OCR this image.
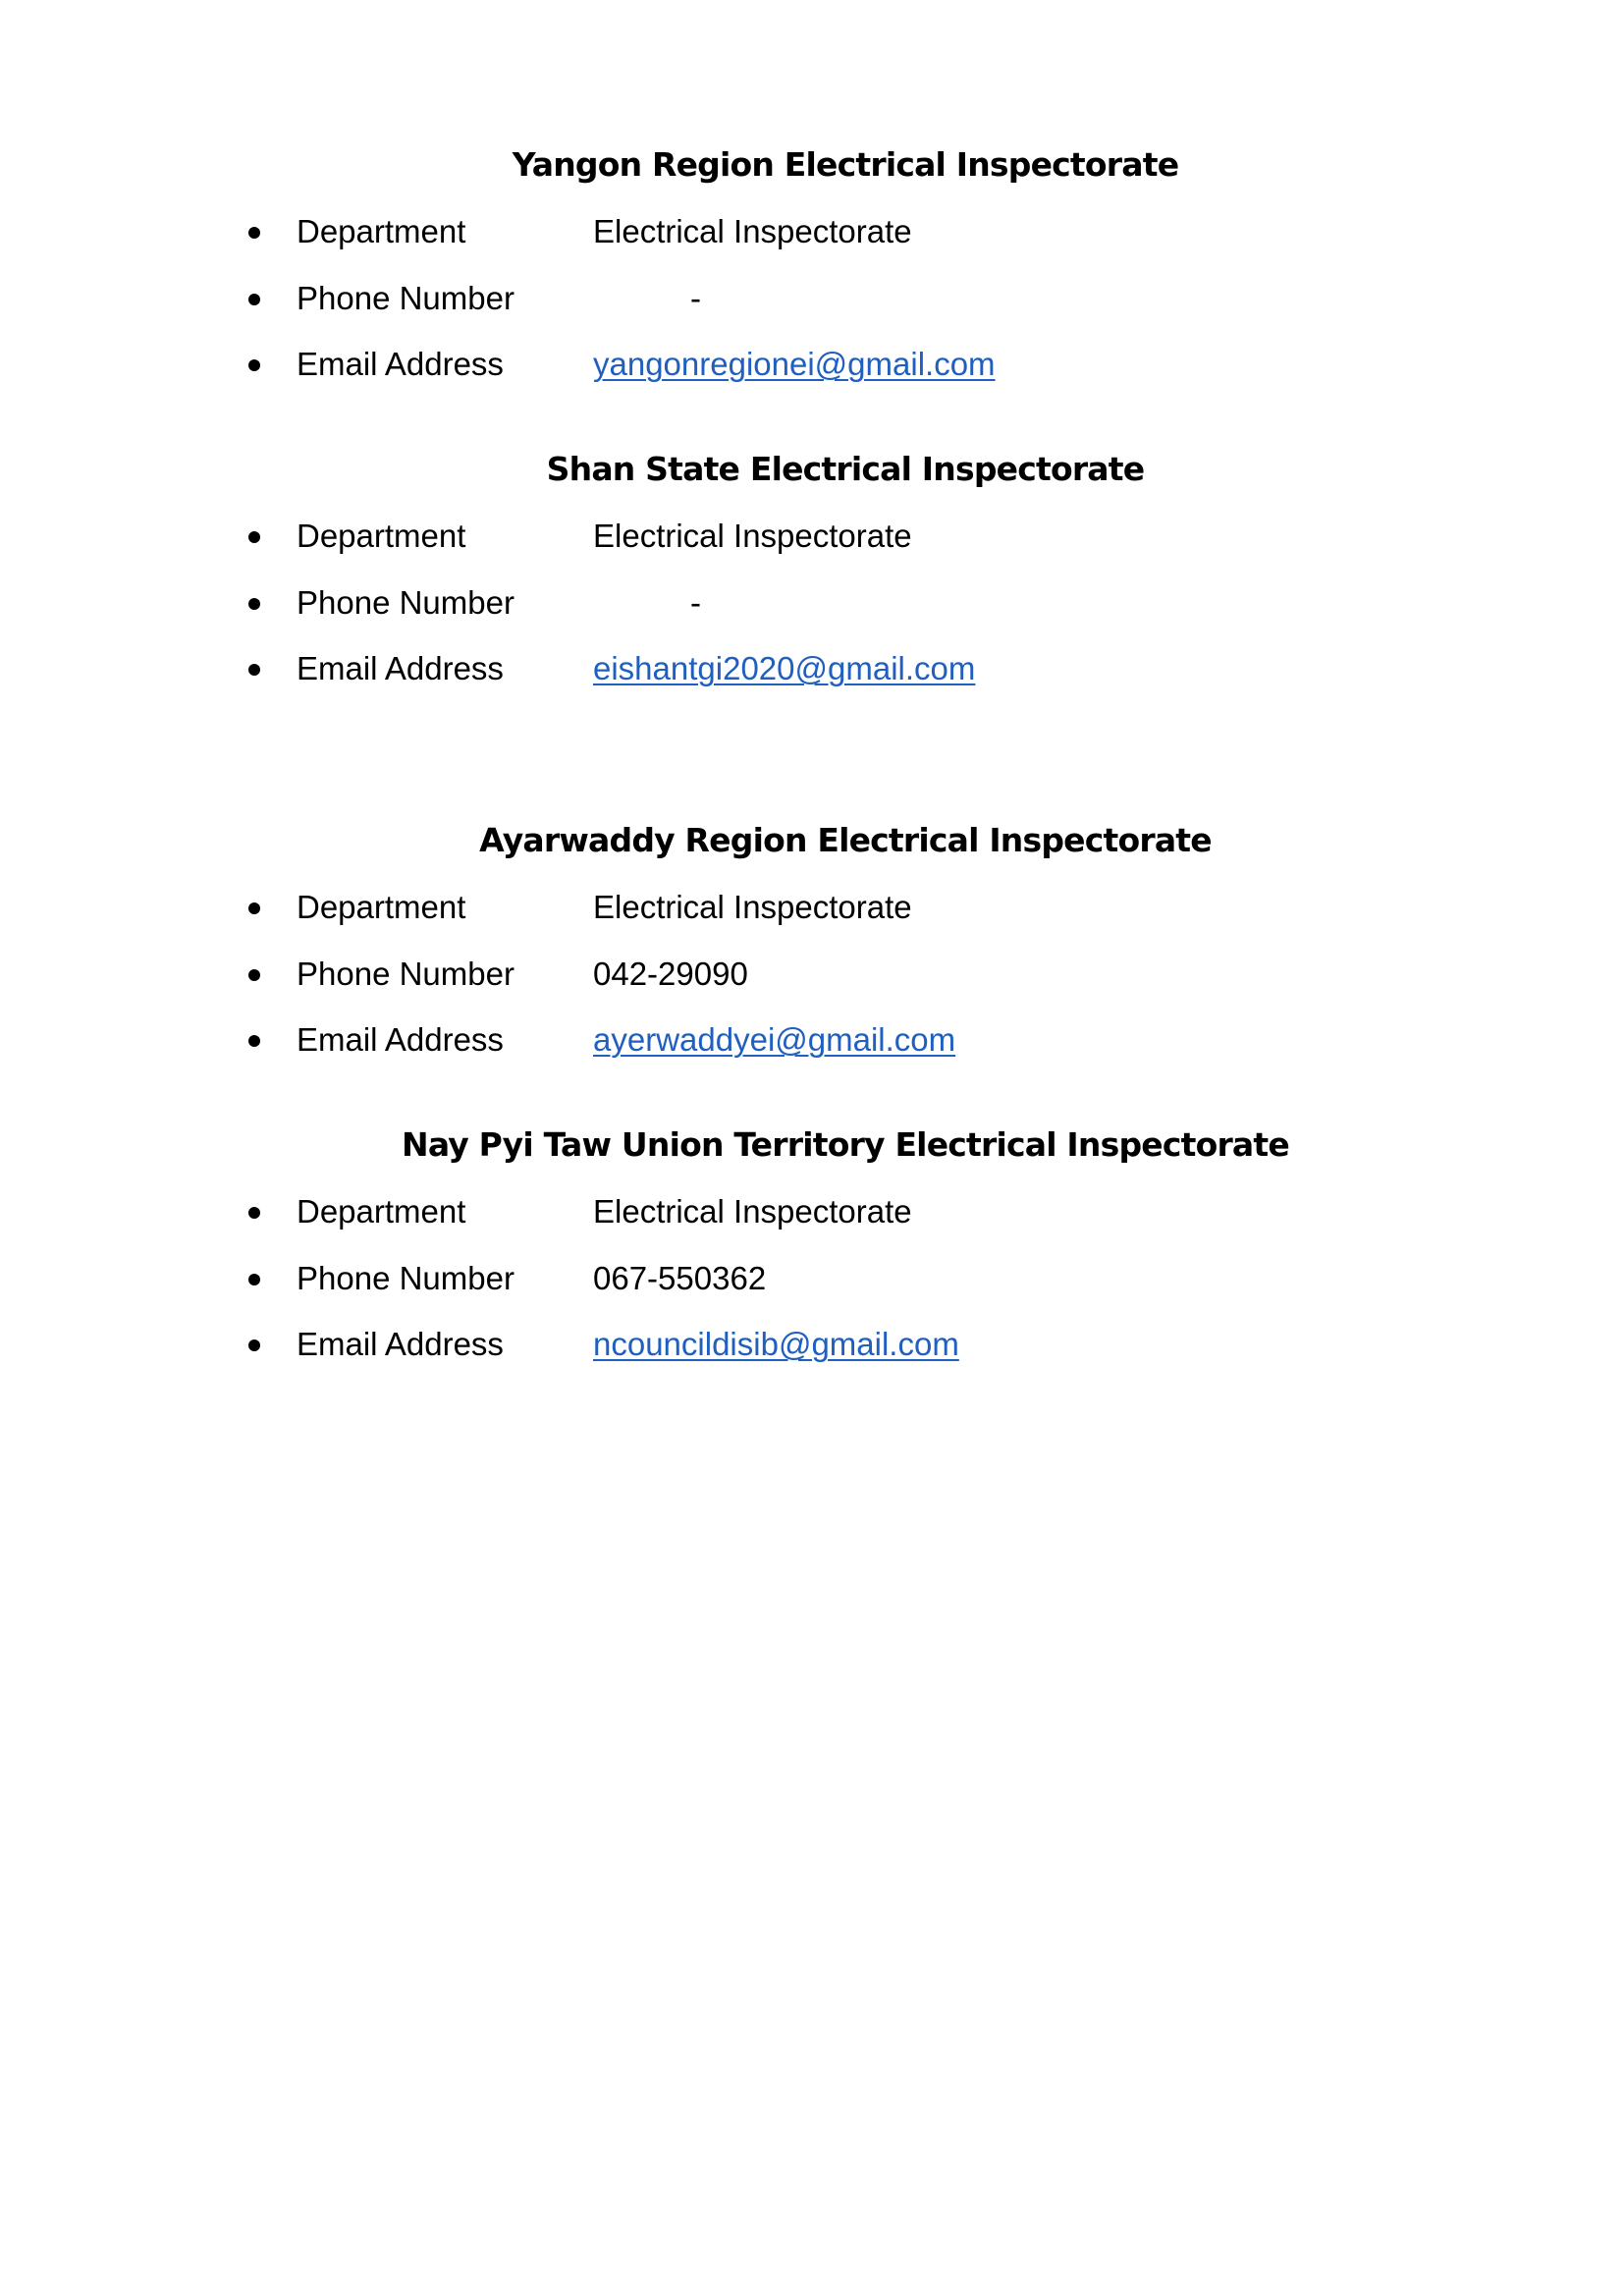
Yangon Region Electrical Inspectorate
Department	Electrical Inspectorate
Phone Number	-
Email Address	yangonregionei@gmail.com
Shan State Electrical Inspectorate
Department	Electrical Inspectorate
Phone Number	-
Email Address	eishantgi2020@gmail.com
Ayarwaddy Region Electrical Inspectorate
Department	Electrical Inspectorate
Phone Number 042-29090
Email Address	ayerwaddyei@gmail.com
Nay Pyi Taw Union Territory Electrical Inspectorate
Department	Electrical Inspectorate
Phone Number 067-550362
Email Address	ncouncildisib@gmail.com
